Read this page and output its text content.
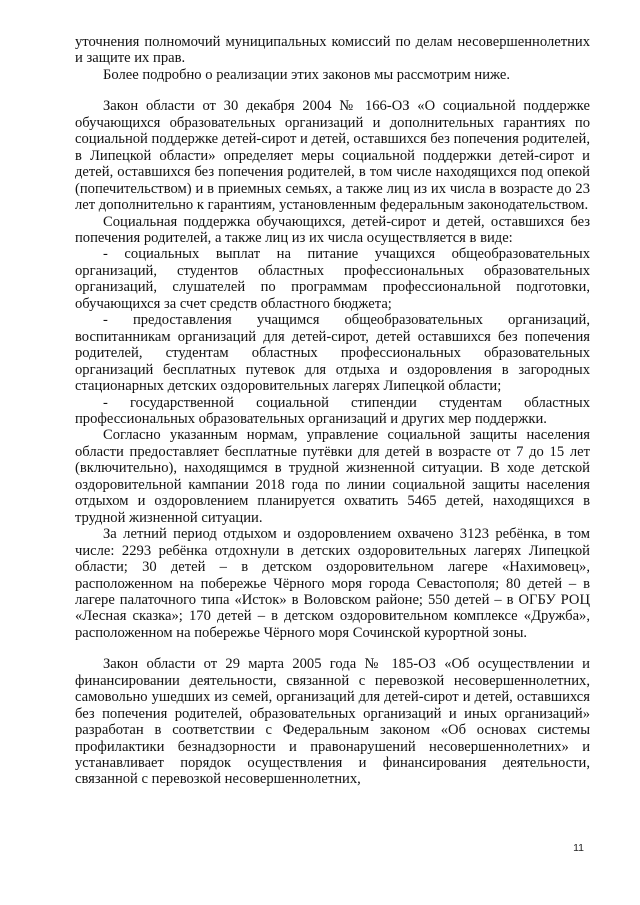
уточнения полномочий муниципальных комиссий по делам несовершеннолетних и защите их прав.

Более подробно о реализации этих законов мы рассмотрим ниже.

Закон области от 30 декабря 2004 № 166-ОЗ «О социальной поддержке обучающихся образовательных организаций и дополнительных гарантиях по социальной поддержке детей-сирот и детей, оставшихся без попечения родителей, в Липецкой области» определяет меры социальной поддержки детей-сирот и детей, оставшихся без попечения родителей, в том числе находящихся под опекой (попечительством) и в приемных семьях, а также лиц из их числа в возрасте до 23 лет дополнительно к гарантиям, установленным федеральным законодательством.

Социальная поддержка обучающихся, детей-сирот и детей, оставшихся без попечения родителей, а также лиц из их числа осуществляется в виде:

- социальных выплат на питание учащихся общеобразовательных организаций, студентов областных профессиональных образовательных организаций, слушателей по программам профессиональной подготовки, обучающихся за счет средств областного бюджета;

- предоставления учащимся общеобразовательных организаций, воспитанникам организаций для детей-сирот, детей оставшихся без попечения родителей, студентам областных профессиональных образовательных организаций бесплатных путевок для отдыха и оздоровления в загородных стационарных детских оздоровительных лагерях Липецкой области;

- государственной социальной стипендии студентам областных профессиональных образовательных организаций и других мер поддержки.

Согласно указанным нормам, управление социальной защиты населения области предоставляет бесплатные путёвки для детей в возрасте от 7 до 15 лет (включительно), находящимся в трудной жизненной ситуации. В ходе детской оздоровительной кампании 2018 года по линии социальной защиты населения отдыхом и оздоровлением планируется охватить 5465 детей, находящихся в трудной жизненной ситуации.

За летний период отдыхом и оздоровлением охвачено 3123 ребёнка, в том числе: 2293 ребёнка отдохнули в детских оздоровительных лагерях Липецкой области; 30 детей – в детском оздоровительном лагере «Нахимовец», расположенном на побережье Чёрного моря города Севастополя; 80 детей – в лагере палаточного типа «Исток» в Воловском районе; 550 детей – в ОГБУ РОЦ «Лесная сказка»; 170 детей – в детском оздоровительном комплексе «Дружба», расположенном на побережье Чёрного моря Сочинской курортной зоны.

Закон области от 29 марта 2005 года № 185-ОЗ «Об осуществлении и финансировании деятельности, связанной с перевозкой несовершеннолетних, самовольно ушедших из семей, организаций для детей-сирот и детей, оставшихся без попечения родителей, образовательных организаций и иных организаций» разработан в соответствии с Федеральным законом «Об основах системы профилактики безнадзорности и правонарушений несовершеннолетних» и устанавливает порядок осуществления и финансирования деятельности, связанной с перевозкой несовершеннолетних,

11
